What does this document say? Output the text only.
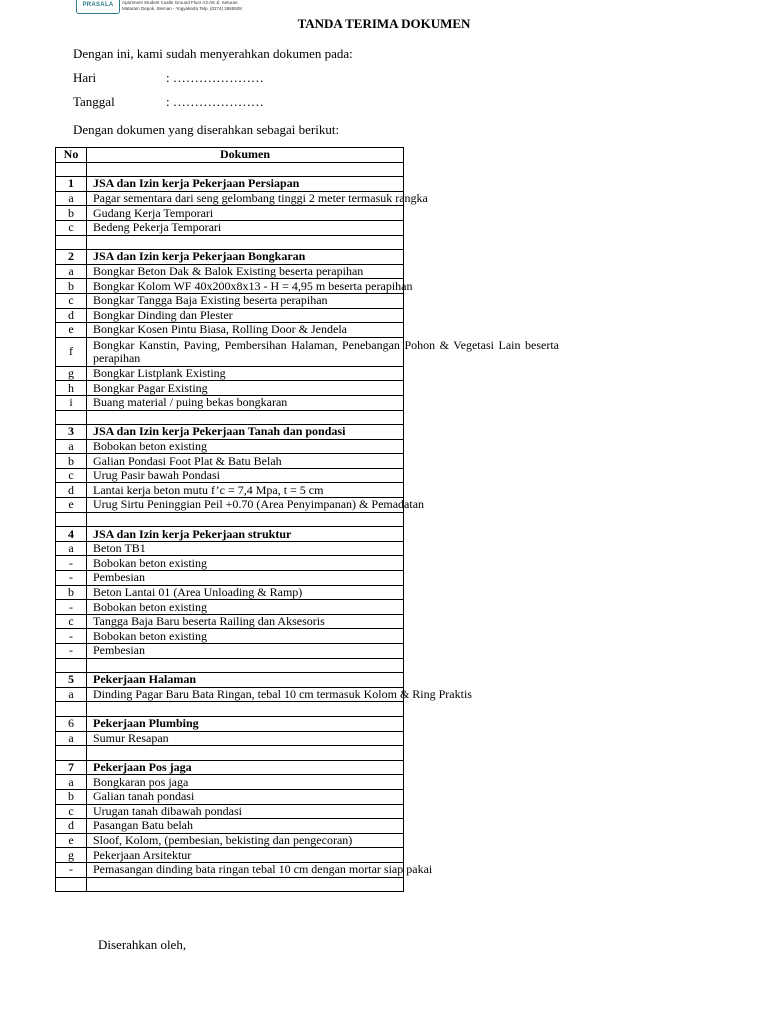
PRASALA	Apartment Student Castle Ground Floor A3-A5 Jl. Seturan
Mataram Depok, Sleman - Yogyakarta Telp. (0274) 2865508
TANDA TERIMA DOKUMEN
Dengan ini, kami sudah menyerahkan dokumen pada:
Hari	: …………………
Tanggal	: …………………
Dengan dokumen yang diserahkan sebagai berikut:
No	Dokumen

1	JSA dan Izin kerja Pekerjaan Persiapan
a	Pagar sementara dari seng gelombang tinggi 2 meter termasuk rangka
b	Gudang Kerja Temporari
c	Bedeng Pekerja Temporari

2	JSA dan Izin kerja Pekerjaan Bongkaran
a	Bongkar Beton Dak & Balok Existing beserta perapihan
b	Bongkar Kolom WF 40x200x8x13 - H = 4,95 m beserta perapihan
c	Bongkar Tangga Baja Existing beserta perapihan
d	Bongkar Dinding dan Plester
e	Bongkar Kosen Pintu Biasa, Rolling Door & Jendela
f	Bongkar Kanstin, Paving, Pembersihan Halaman, Penebangan Pohon & Vegetasi Lain beserta perapihan

g	Bongkar Listplank Existing
h	Bongkar Pagar Existing
i	Buang material / puing bekas bongkaran

3	JSA dan Izin kerja Pekerjaan Tanah dan pondasi
a	Bobokan beton existing
b	Galian Pondasi Foot Plat & Batu Belah
c	Urug Pasir bawah Pondasi
d	Lantai kerja beton mutu f’c = 7,4 Mpa, t = 5 cm
e	Urug Sirtu Peninggian Peil +0.70 (Area Penyimpanan) & Pemadatan

4	JSA dan Izin kerja Pekerjaan struktur
a	Beton TB1
-	Bobokan beton existing
-	Pembesian
b	Beton Lantai 01 (Area Unloading & Ramp)
-	Bobokan beton existing
c	Tangga Baja Baru beserta Railing dan Aksesoris
-	Bobokan beton existing
-	Pembesian

5	Pekerjaan Halaman
a	Dinding Pagar Baru Bata Ringan, tebal 10 cm termasuk Kolom & Ring Praktis

6	Pekerjaan Plumbing
a	Sumur Resapan

7	Pekerjaan Pos jaga
a	Bongkaran pos jaga
b	Galian tanah pondasi
c	Urugan tanah dibawah pondasi
d	Pasangan Batu belah
e	Sloof, Kolom, (pembesian, bekisting dan pengecoran)
g	Pekerjaan Arsitektur
-	Pemasangan dinding bata ringan tebal 10 cm dengan mortar siap pakai

Diserahkan oleh,
